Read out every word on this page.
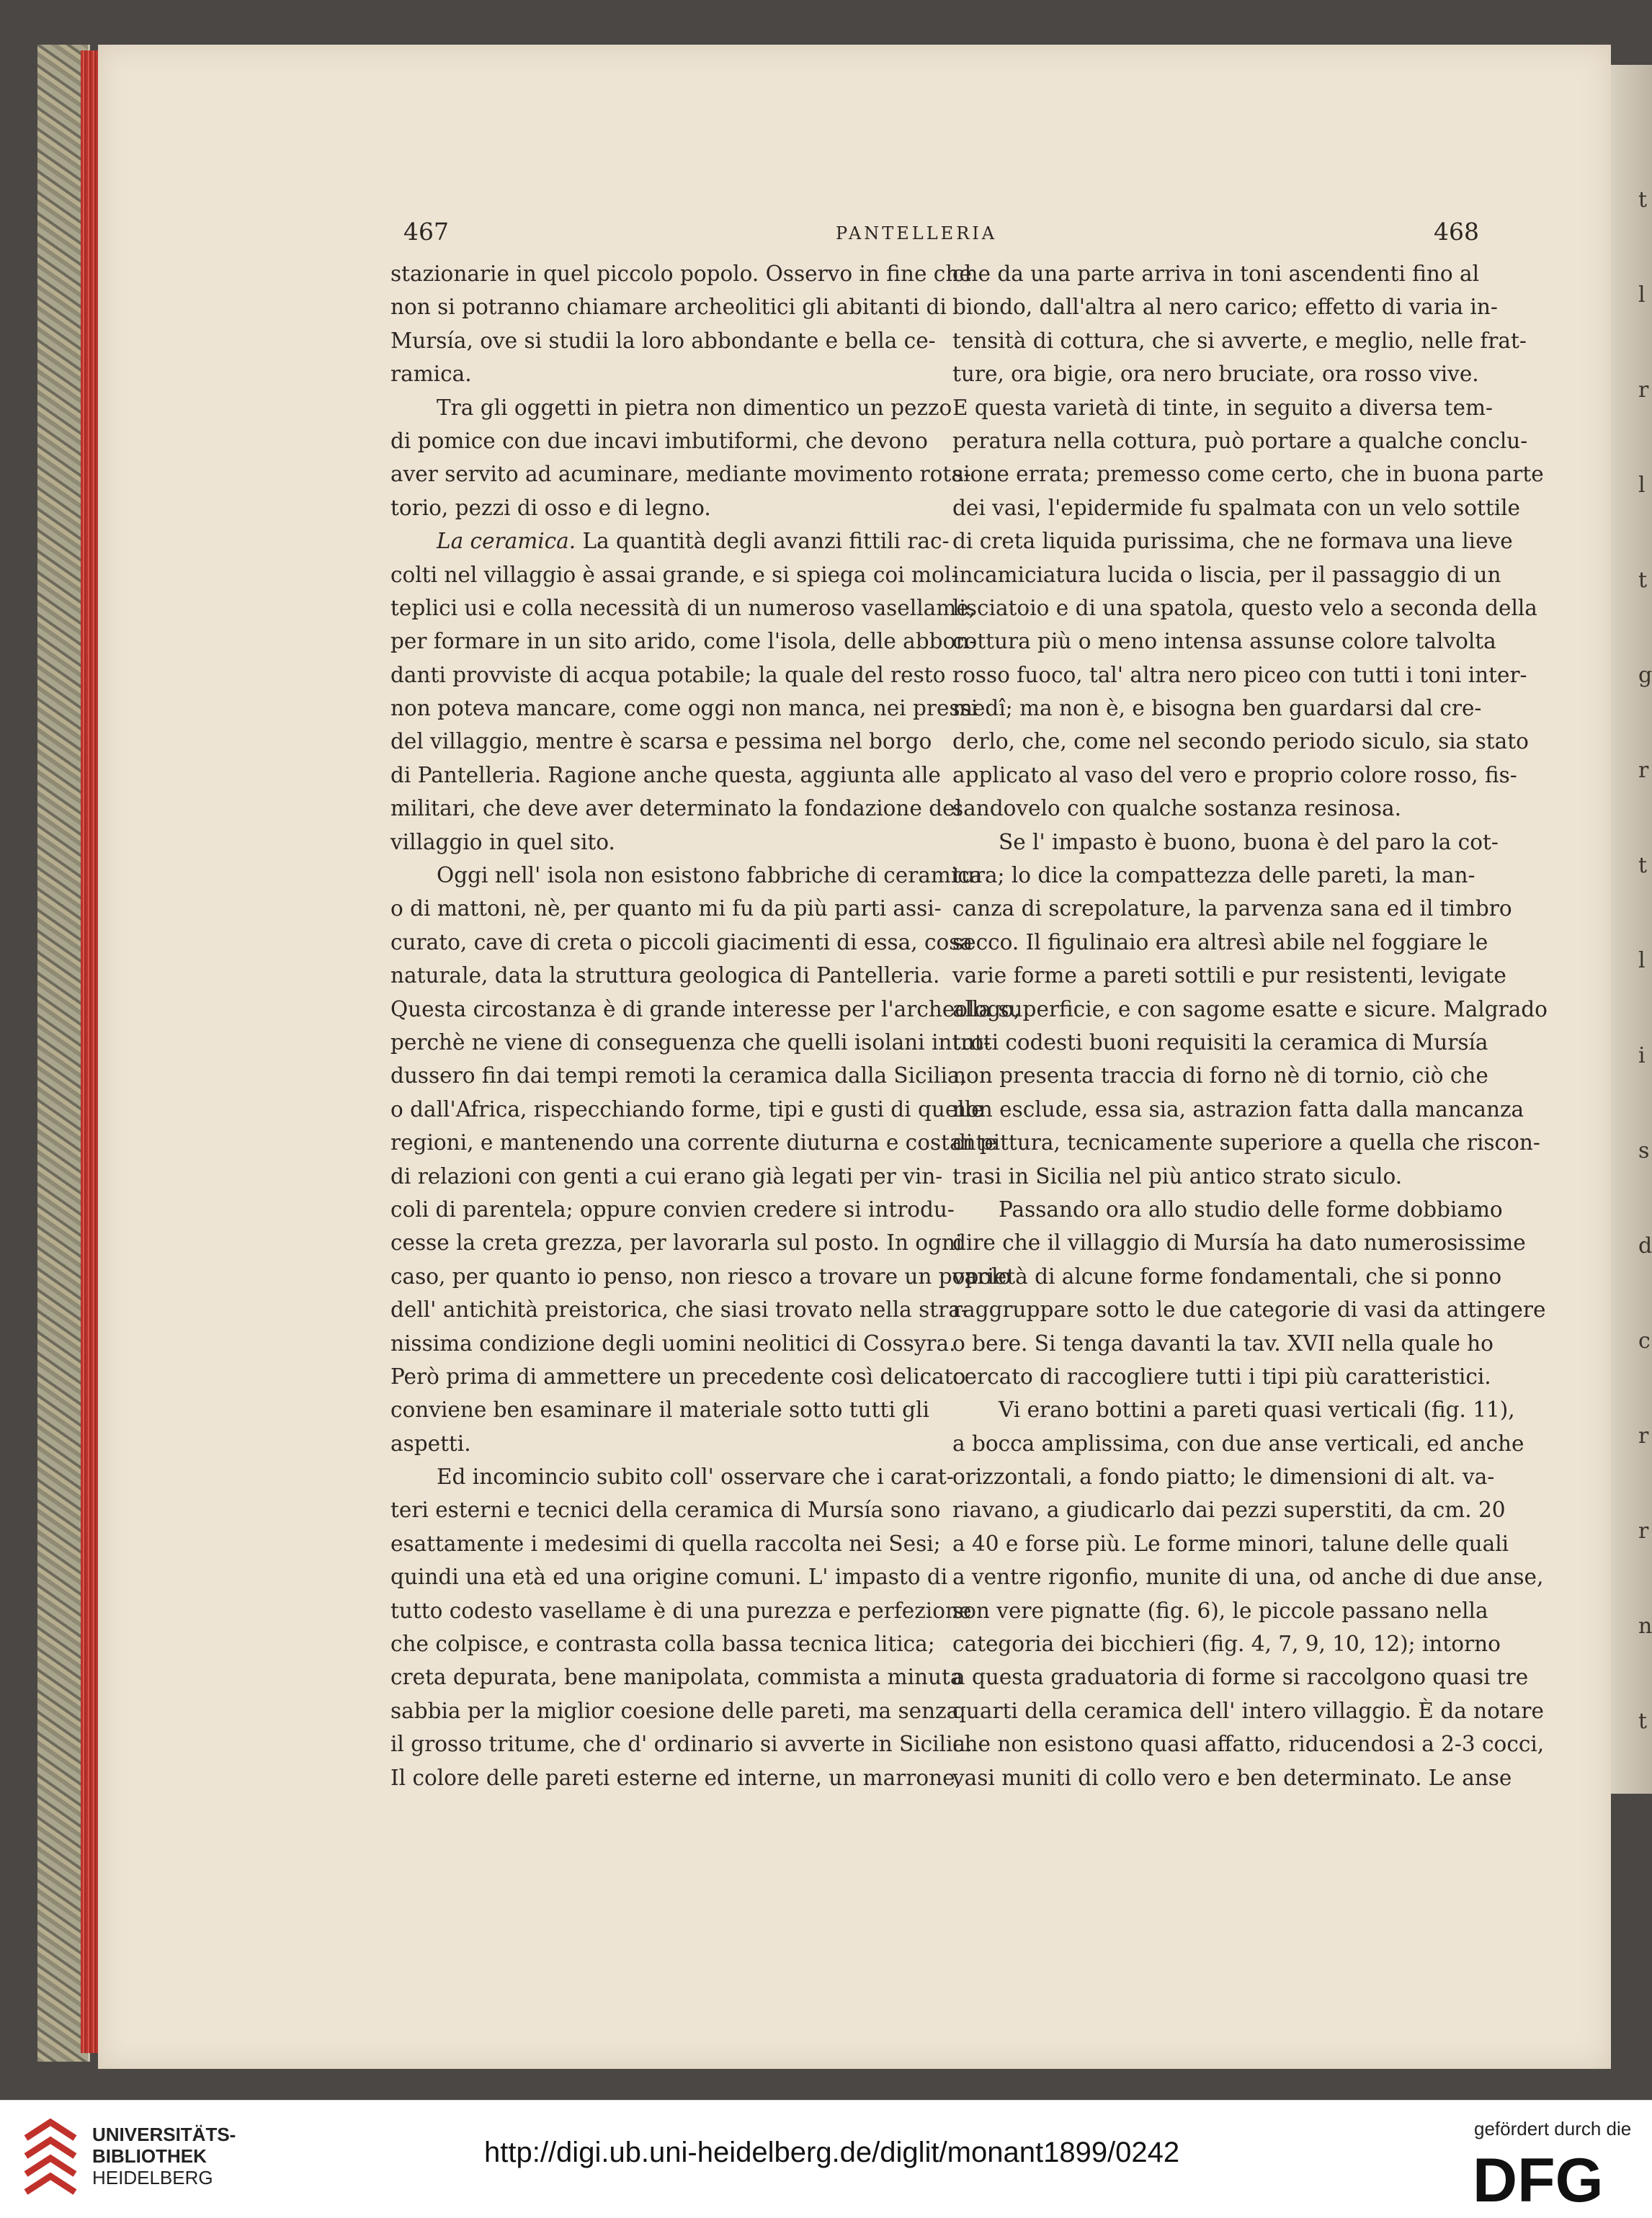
t
l
r
l
t
g
r
t
l
i
s
d
c
r
r
n
t
467	PANTELLERIA	468
stazionarie in quel piccolo popolo. Osservo in fine che
non si potranno chiamare archeolitici gli abitanti di
Mursía, ove si studii la loro abbondante e bella ce-
ramica.
Tra gli oggetti in pietra non dimentico un pezzo
di pomice con due incavi imbutiformi, che devono
aver servito ad acuminare, mediante movimento rota-
torio, pezzi di osso e di legno.
La ceramica. La quantità degli avanzi fittili rac-
colti nel villaggio è assai grande, e si spiega coi mol-
teplici usi e colla necessità di un numeroso vasellame,
per formare in un sito arido, come l'isola, delle abbon-
danti provviste di acqua potabile; la quale del resto
non poteva mancare, come oggi non manca, nei pressi
del villaggio, mentre è scarsa e pessima nel borgo
di Pantelleria. Ragione anche questa, aggiunta alle
militari, che deve aver determinato la fondazione del
villaggio in quel sito.
Oggi nell' isola non esistono fabbriche di ceramica
o di mattoni, nè, per quanto mi fu da più parti assi-
curato, cave di creta o piccoli giacimenti di essa, cosa
naturale, data la struttura geologica di Pantelleria.
Questa circostanza è di grande interesse per l'archeologo,
perchè ne viene di conseguenza che quelli isolani intro-
dussero fin dai tempi remoti la ceramica dalla Sicilia,
o dall'Africa, rispecchiando forme, tipi e gusti di quelle
regioni, e mantenendo una corrente diuturna e costante
di relazioni con genti a cui erano già legati per vin-
coli di parentela; oppure convien credere si introdu-
cesse la creta grezza, per lavorarla sul posto. In ogni
caso, per quanto io penso, non riesco a trovare un popolo
dell' antichità preistorica, che siasi trovato nella stra-
nissima condizione degli uomini neolitici di Cossyra.
Però prima di ammettere un precedente così delicato
conviene ben esaminare il materiale sotto tutti gli
aspetti.
Ed incomincio subito coll' osservare che i carat-
teri esterni e tecnici della ceramica di Mursía sono
esattamente i medesimi di quella raccolta nei Sesi;
quindi una età ed una origine comuni. L' impasto di
tutto codesto vasellame è di una purezza e perfezione
che colpisce, e contrasta colla bassa tecnica litica;
creta depurata, bene manipolata, commista a minuta
sabbia per la miglior coesione delle pareti, ma senza
il grosso tritume, che d' ordinario si avverte in Sicilia.
Il colore delle pareti esterne ed interne, un marrone,
che da una parte arriva in toni ascendenti fino al
biondo, dall'altra al nero carico; effetto di varia in-
tensità di cottura, che si avverte, e meglio, nelle frat-
ture, ora bigie, ora nero bruciate, ora rosso vive.
E questa varietà di tinte, in seguito a diversa tem-
peratura nella cottura, può portare a qualche conclu-
sione errata; premesso come certo, che in buona parte
dei vasi, l'epidermide fu spalmata con un velo sottile
di creta liquida purissima, che ne formava una lieve
incamiciatura lucida o liscia, per il passaggio di un
lisciatoio e di una spatola, questo velo a seconda della
cottura più o meno intensa assunse colore talvolta
rosso fuoco, tal' altra nero piceo con tutti i toni inter-
medî; ma non è, e bisogna ben guardarsi dal cre-
derlo, che, come nel secondo periodo siculo, sia stato
applicato al vaso del vero e proprio colore rosso, fis-
sandovelo con qualche sostanza resinosa.
Se l' impasto è buono, buona è del paro la cot-
tura; lo dice la compattezza delle pareti, la man-
canza di screpolature, la parvenza sana ed il timbro
secco. Il figulinaio era altresì abile nel foggiare le
varie forme a pareti sottili e pur resistenti, levigate
alla superficie, e con sagome esatte e sicure. Malgrado
tutti codesti buoni requisiti la ceramica di Mursía
non presenta traccia di forno nè di tornio, ciò che
non esclude, essa sia, astrazion fatta dalla mancanza
di pittura, tecnicamente superiore a quella che riscon-
trasi in Sicilia nel più antico strato siculo.
Passando ora allo studio delle forme dobbiamo
dire che il villaggio di Mursía ha dato numerosissime
varietà di alcune forme fondamentali, che si ponno
raggruppare sotto le due categorie di vasi da attingere
o bere. Si tenga davanti la tav. XVII nella quale ho
cercato di raccogliere tutti i tipi più caratteristici.
Vi erano bottini a pareti quasi verticali (fig. 11),
a bocca amplissima, con due anse verticali, ed anche
orizzontali, a fondo piatto; le dimensioni di alt. va-
riavano, a giudicarlo dai pezzi superstiti, da cm. 20
a 40 e forse più. Le forme minori, talune delle quali
a ventre rigonfio, munite di una, od anche di due anse,
son vere pignatte (fig. 6), le piccole passano nella
categoria dei bicchieri (fig. 4, 7, 9, 10, 12); intorno
a questa graduatoria di forme si raccolgono quasi tre
quarti della ceramica dell' intero villaggio. È da notare
che non esistono quasi affatto, riducendosi a 2-3 cocci,
vasi muniti di collo vero e ben determinato. Le anse
UNIVERSITÄTS-
BIBLIOTHEK
HEIDELBERG
http://digi.ub.uni-heidelberg.de/diglit/monant1899/0242
gefördert durch die
DFG
